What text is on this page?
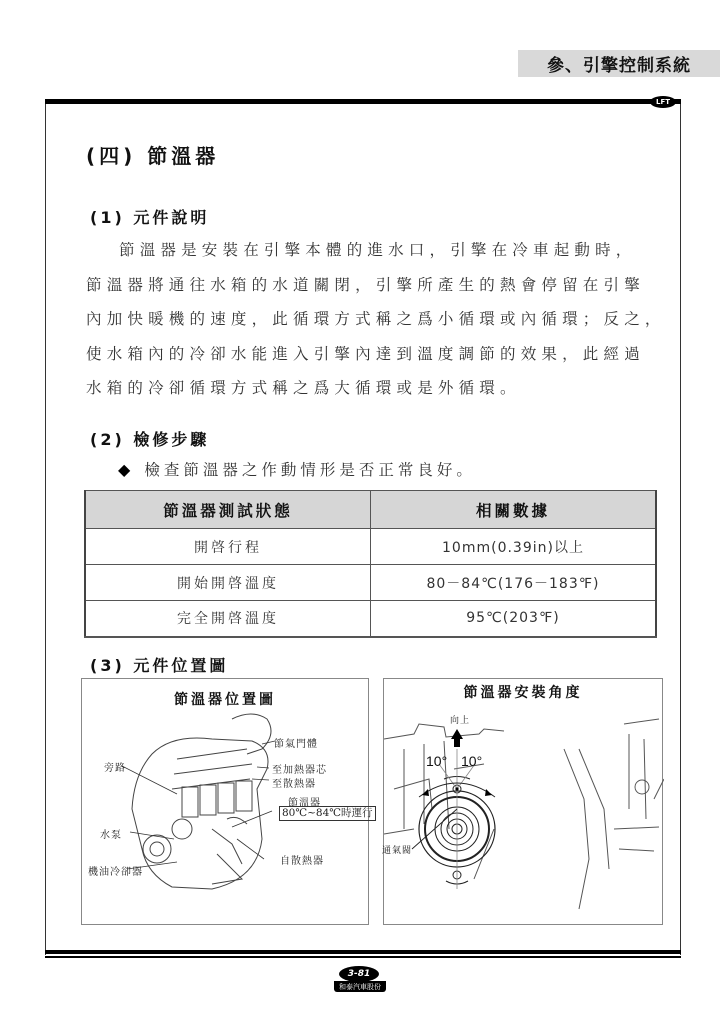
參、引擎控制系統
LFT
(四) 節溫器
(1) 元件說明
節溫器是安裝在引擎本體的進水口，引擎在冷車起動時，
節溫器將通往水箱的水道關閉，引擎所產生的熱會停留在引擎
內加快暖機的速度，此循環方式稱之爲小循環或內循環；反之，
使水箱內的冷卻水能進入引擎內達到溫度調節的效果，此經過
水箱的冷卻循環方式稱之爲大循環或是外循環。
(2) 檢修步驟
◆ 檢查節溫器之作動情形是否正常良好。
節溫器測試狀態	相關數據
開啓行程	10mm(0.39in)以上
開始開啓溫度	80－84℃(176－183℉)
完全開啓溫度	95℃(203℉)
(3) 元件位置圖
節溫器位置圖
節氣門體
旁路	至加熱器芯
至散熱器
節溫器
80℃~84℃時運行
水泵
自散熱器
機油冷卻器
節溫器安裝角度
向上
10° 10°
通氣閥
3-81
和泰汽車股份
